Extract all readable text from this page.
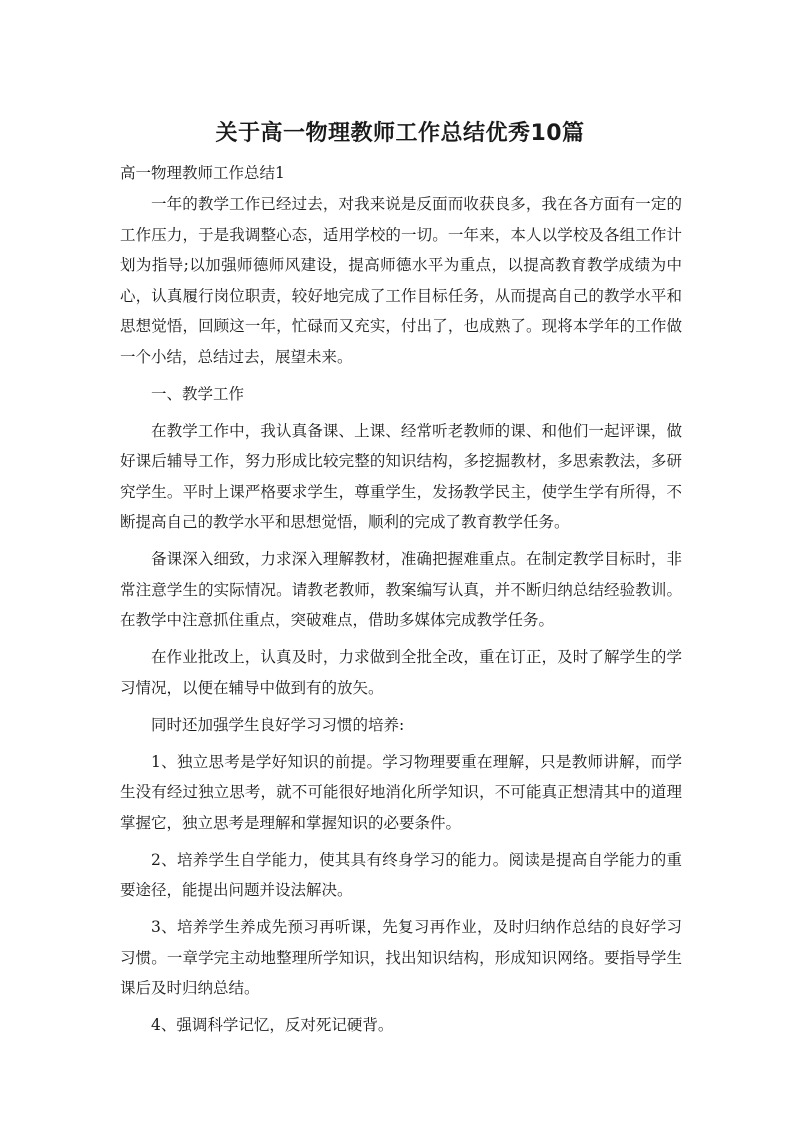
关于高一物理教师工作总结优秀10篇
高一物理教师工作总结1

一年的教学工作已经过去，对我来说是反面而收获良多，我在各方面有一定的工作压力，于是我调整心态，适用学校的一切。一年来，本人以学校及各组工作计划为指导;以加强师德师风建设，提高师德水平为重点，以提高教育教学成绩为中心，认真履行岗位职责，较好地完成了工作目标任务，从而提高自己的教学水平和思想觉悟，回顾这一年，忙碌而又充实，付出了，也成熟了。现将本学年的工作做一个小结，总结过去，展望未来。

一、教学工作

在教学工作中，我认真备课、上课、经常听老教师的课、和他们一起评课，做好课后辅导工作，努力形成比较完整的知识结构，多挖掘教材，多思索教法，多研究学生。平时上课严格要求学生，尊重学生，发扬教学民主，使学生学有所得，不断提高自己的教学水平和思想觉悟，顺利的完成了教育教学任务。

备课深入细致，力求深入理解教材，准确把握难重点。在制定教学目标时，非常注意学生的实际情况。请教老教师，教案编写认真，并不断归纳总结经验教训。在教学中注意抓住重点，突破难点，借助多媒体完成教学任务。

在作业批改上，认真及时，力求做到全批全改，重在订正，及时了解学生的学习情况，以便在辅导中做到有的放矢。

同时还加强学生良好学习习惯的培养:

1、独立思考是学好知识的前提。学习物理要重在理解，只是教师讲解，而学生没有经过独立思考，就不可能很好地消化所学知识，不可能真正想清其中的道理掌握它，独立思考是理解和掌握知识的必要条件。

2、培养学生自学能力，使其具有终身学习的能力。阅读是提高自学能力的重要途径，能提出问题并设法解决。

3、培养学生养成先预习再听课，先复习再作业，及时归纳作总结的良好学习习惯。一章学完主动地整理所学知识，找出知识结构，形成知识网络。要指导学生课后及时归纳总结。

4、强调科学记忆，反对死记硬背。
